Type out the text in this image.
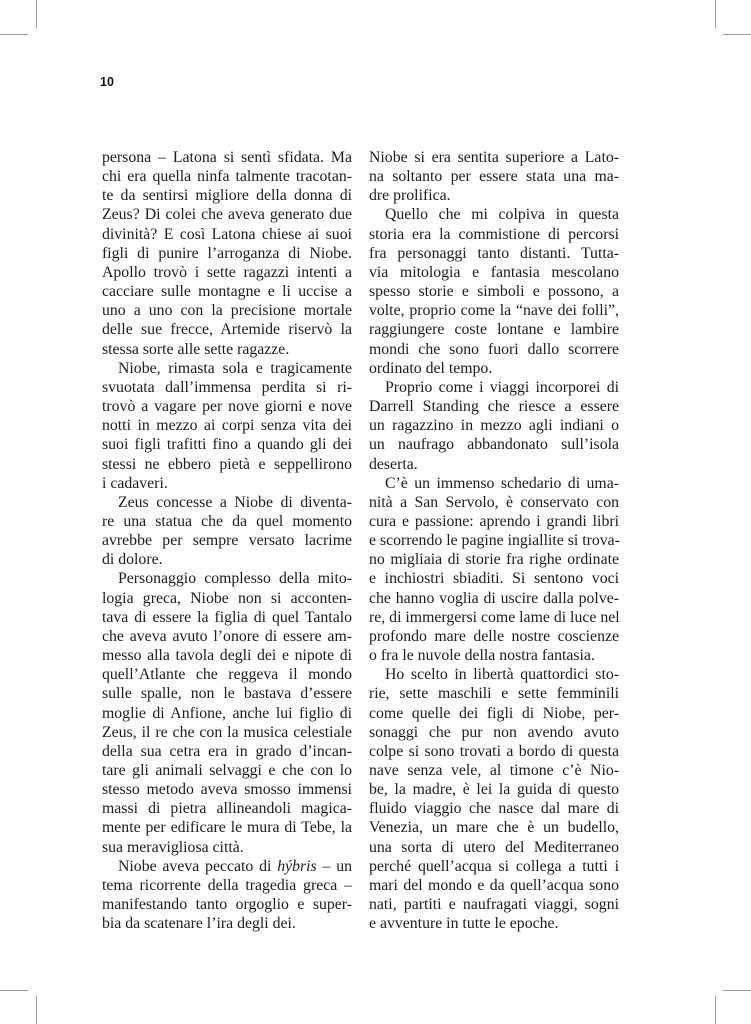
10
persona – Latona si sentì sfidata. Ma
chi era quella ninfa talmente tracotan-
te da sentirsi migliore della donna di
Zeus? Di colei che aveva generato due
divinità? E così Latona chiese ai suoi
figli di punire l’arroganza di Niobe.
Apollo trovò i sette ragazzi intenti a
cacciare sulle montagne e li uccise a
uno a uno con la precisione mortale
delle sue frecce, Artemide riservò la
stessa sorte alle sette ragazze.
Niobe, rimasta sola e tragicamente
svuotata dall’immensa perdita si ri-
trovò a vagare per nove giorni e nove
notti in mezzo ai corpi senza vita dei
suoi figli trafitti fino a quando gli dei
stessi ne ebbero pietà e seppellirono
i cadaveri.
Zeus concesse a Niobe di diventa-
re una statua che da quel momento
avrebbe per sempre versato lacrime
di dolore.
Personaggio complesso della mito-
logia greca, Niobe non si acconten-
tava di essere la figlia di quel Tantalo
che aveva avuto l’onore di essere am-
messo alla tavola degli dei e nipote di
quell’Atlante che reggeva il mondo
sulle spalle, non le bastava d’essere
moglie di Anfione, anche lui figlio di
Zeus, il re che con la musica celestiale
della sua cetra era in grado d’incan-
tare gli animali selvaggi e che con lo
stesso metodo aveva smosso immensi
massi di pietra allineandoli magica-
mente per edificare le mura di Tebe, la
sua meravigliosa città.
Niobe aveva peccato di hýbris – un
tema ricorrente della tragedia greca –
manifestando tanto orgoglio e super-
bia da scatenare l’ira degli dei.
Niobe si era sentita superiore a Lato-
na soltanto per essere stata una ma-
dre prolifica.
Quello che mi colpiva in questa
storia era la commistione di percorsi
fra personaggi tanto distanti. Tutta-
via mitologia e fantasia mescolano
spesso storie e simboli e possono, a
volte, proprio come la “nave dei folli”,
raggiungere coste lontane e lambire
mondi che sono fuori dallo scorrere
ordinato del tempo.
Proprio come i viaggi incorporei di
Darrell Standing che riesce a essere
un ragazzino in mezzo agli indiani o
un naufrago abbandonato sull’isola
deserta.
C’è un immenso schedario di uma-
nità a San Servolo, è conservato con
cura e passione: aprendo i grandi libri
e scorrendo le pagine ingiallite si trova-
no migliaia di storie fra righe ordinate
e inchiostri sbiaditi. Si sentono voci
che hanno voglia di uscire dalla polve-
re, di immergersi come lame di luce nel
profondo mare delle nostre coscienze
o fra le nuvole della nostra fantasia.
Ho scelto in libertà quattordici sto-
rie, sette maschili e sette femminili
come quelle dei figli di Niobe, per-
sonaggi che pur non avendo avuto
colpe si sono trovati a bordo di questa
nave senza vele, al timone c’è Nio-
be, la madre, è lei la guida di questo
fluido viaggio che nasce dal mare di
Venezia, un mare che è un budello,
una sorta di utero del Mediterraneo
perché quell’acqua si collega a tutti i
mari del mondo e da quell’acqua sono
nati, partiti e naufragati viaggi, sogni
e avventure in tutte le epoche.
